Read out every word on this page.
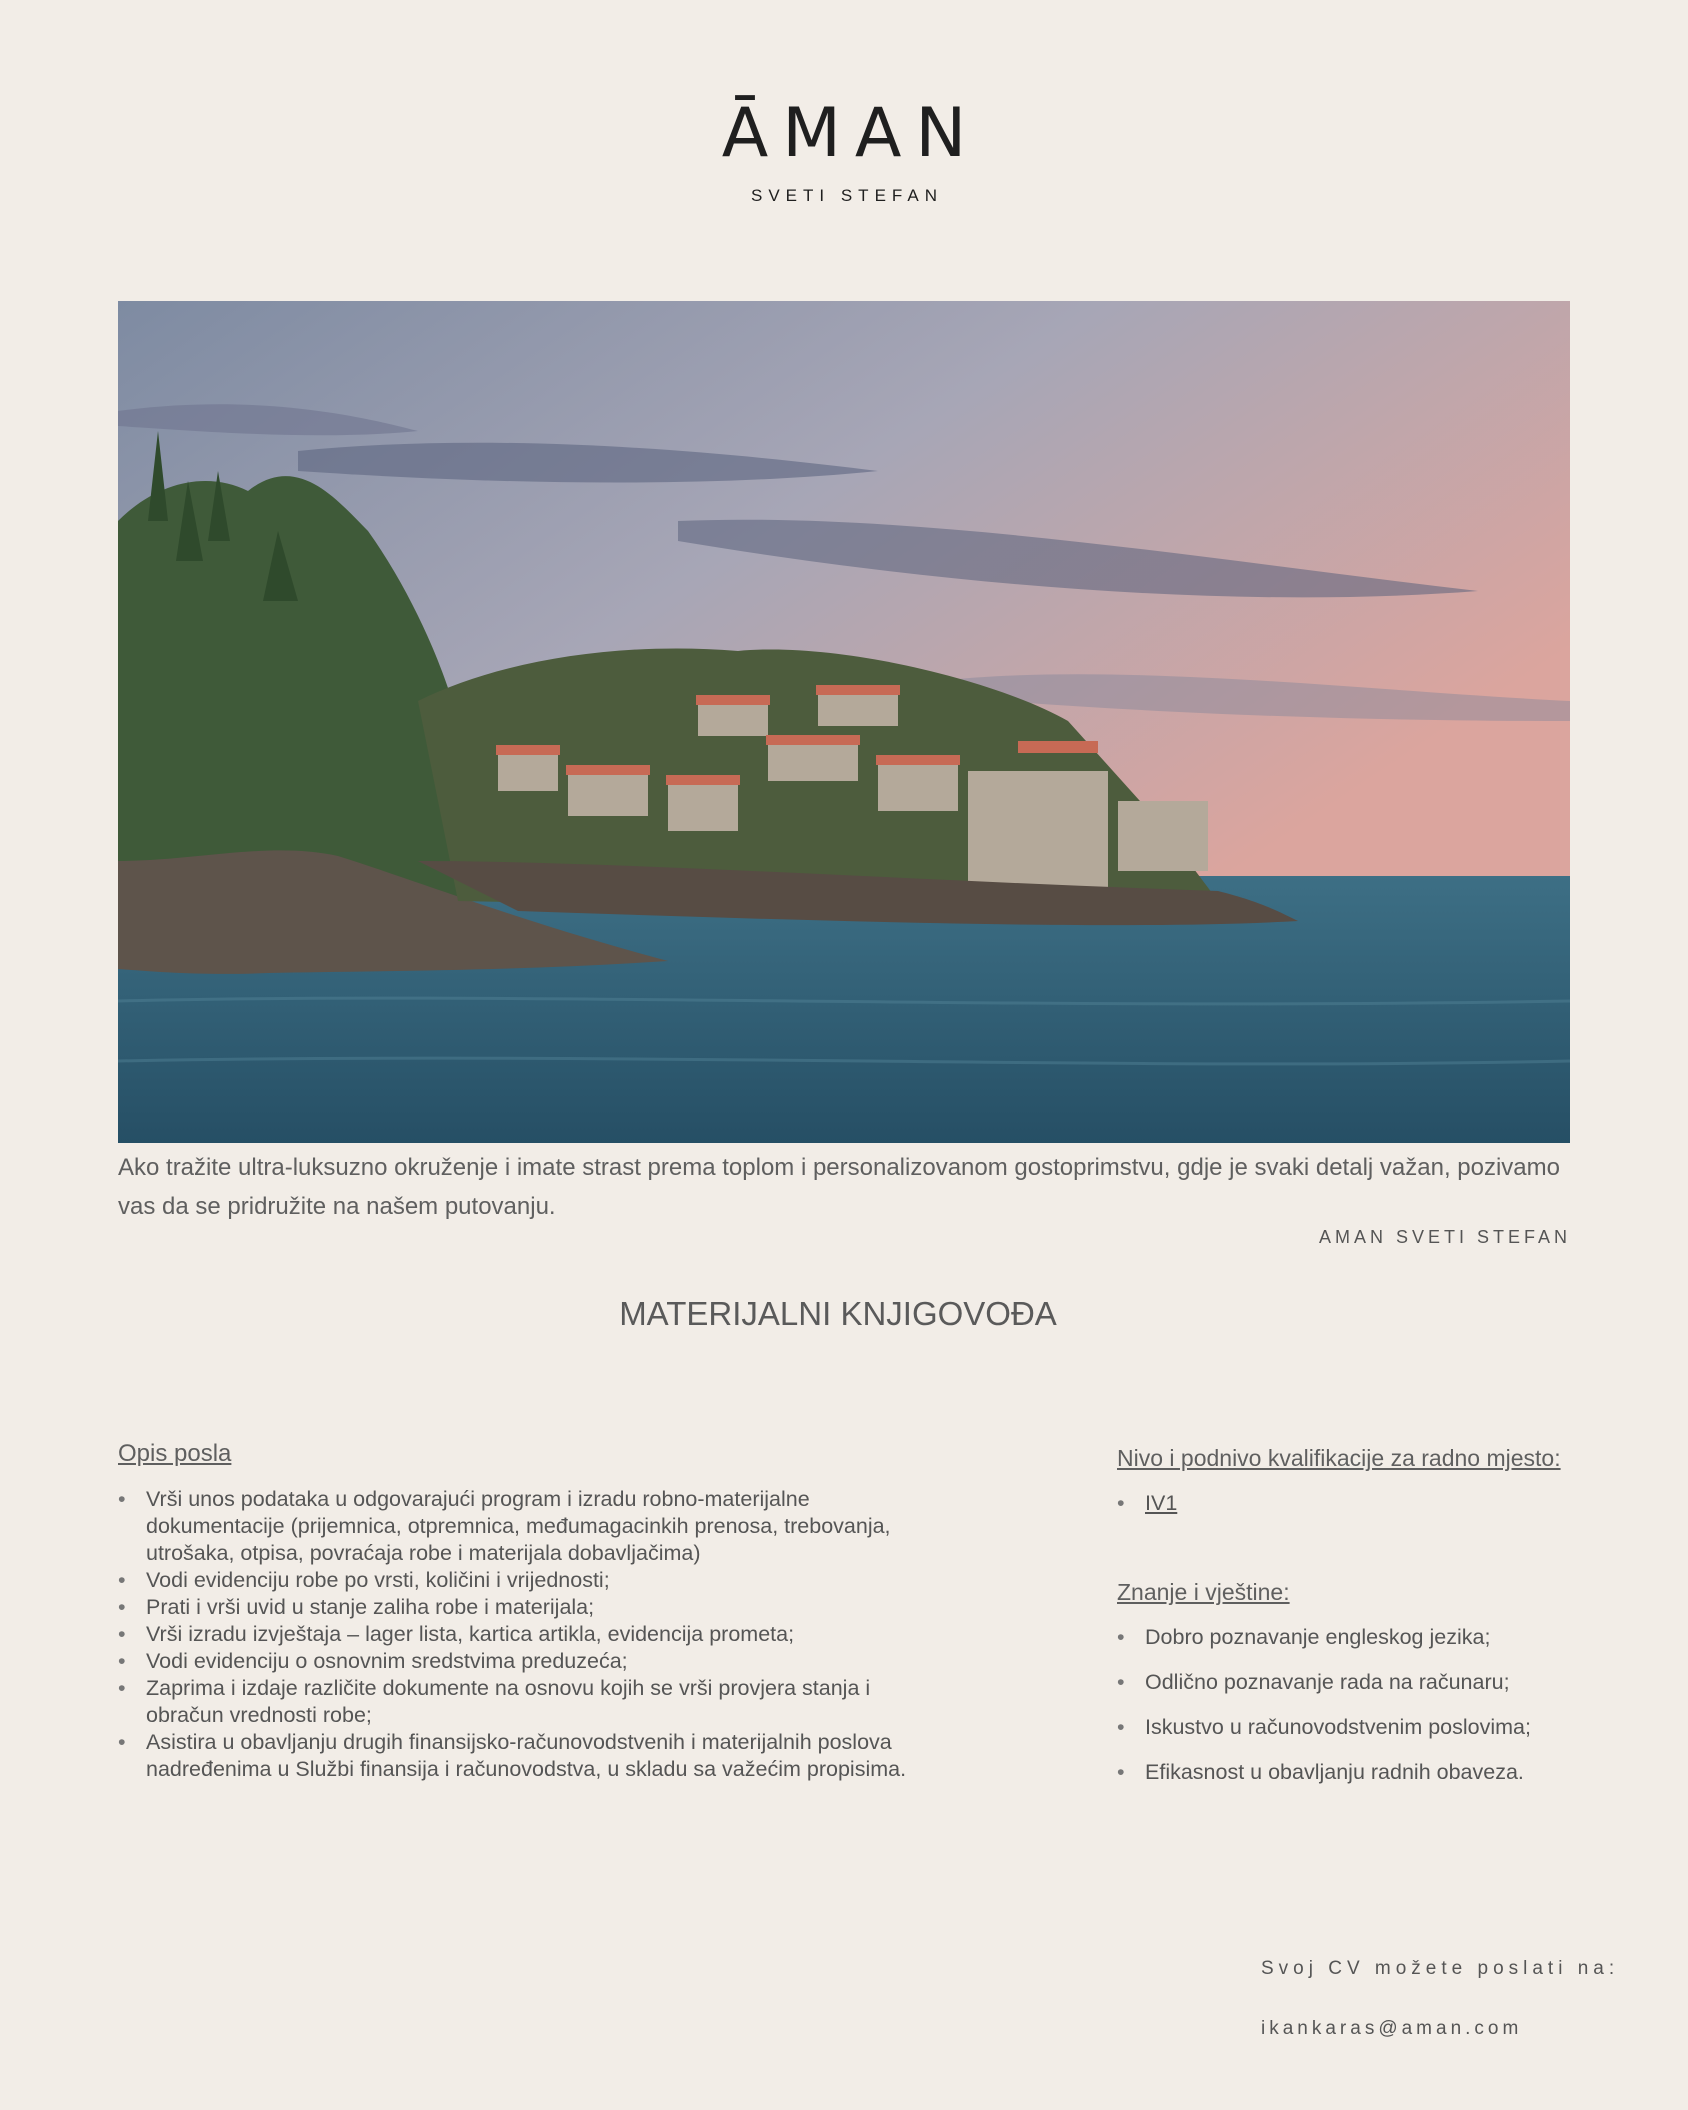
ĀMAN
SVETI STEFAN
Ako tražite ultra-luksuzno okruženje i imate strast prema toplom i personalizovanom gostoprimstvu, gdje je svaki detalj važan, pozivamo vas da se pridružite na našem putovanju.
AMAN SVETI STEFAN
MATERIJALNI KNJIGOVOĐA
Opis posla
• Vrši unos podataka u odgovarajući program i izradu robno-materijalne dokumentacije (prijemnica, otpremnica, međumagacinkih prenosa, trebovanja, utrošaka, otpisa, povraćaja robe i materijala dobavljačima)
• Vodi evidenciju robe po vrsti, količini i vrijednosti;
• Prati i vrši uvid u stanje zaliha robe i materijala;
• Vrši izradu izvještaja – lager lista, kartica artikla, evidencija prometa;
• Vodi evidenciju o osnovnim sredstvima preduzeća;
• Zaprima i izdaje različite dokumente na osnovu kojih se vrši provjera stanja i obračun vrednosti robe;
• Asistira u obavljanju drugih finansijsko-računovodstvenih i materijalnih poslova nadređenima u Službi finansija i računovodstva, u skladu sa važećim propisima.
Nivo i podnivo kvalifikacije za radno mjesto:
• IV1
Znanje i vještine:
• Dobro poznavanje engleskog jezika;
• Odlično poznavanje rada na računaru;
• Iskustvo u računovodstvenim poslovima;
• Efikasnost u obavljanju radnih obaveza.
Svoj CV možete poslati na:
ikankaras@aman.com
